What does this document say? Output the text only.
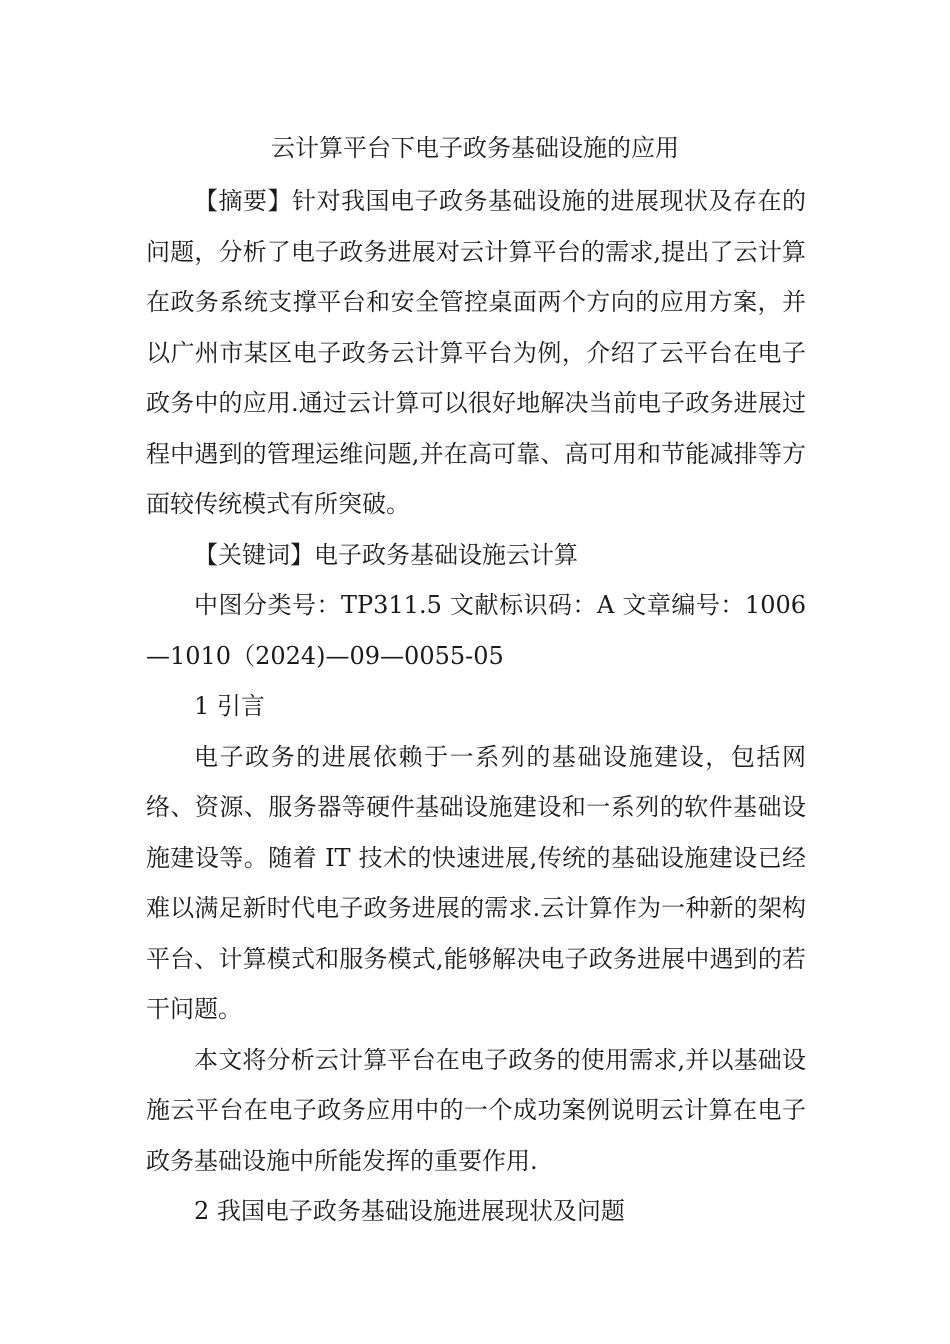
云计算平台下电子政务基础设施的应用

【摘要】针对我国电子政务基础设施的进展现状及存在的问题，分析了电子政务进展对云计算平台的需求,提出了云计算在政务系统支撑平台和安全管控桌面两个方向的应用方案，并以广州市某区电子政务云计算平台为例，介绍了云平台在电子政务中的应用.通过云计算可以很好地解决当前电子政务进展过程中遇到的管理运维问题,并在高可靠、高可用和节能减排等方面较传统模式有所突破。

【关键词】电子政务基础设施云计算

中图分类号：TP311.5 文献标识码：A 文章编号：1006—1010（2024)—09—0055-05

1 引言

电子政务的进展依赖于一系列的基础设施建设，包括网络、资源、服务器等硬件基础设施建设和一系列的软件基础设施建设等。随着 IT 技术的快速进展,传统的基础设施建设已经难以满足新时代电子政务进展的需求.云计算作为一种新的架构平台、计算模式和服务模式,能够解决电子政务进展中遇到的若干问题。

本文将分析云计算平台在电子政务的使用需求,并以基础设施云平台在电子政务应用中的一个成功案例说明云计算在电子政务基础设施中所能发挥的重要作用.

2 我国电子政务基础设施进展现状及问题
